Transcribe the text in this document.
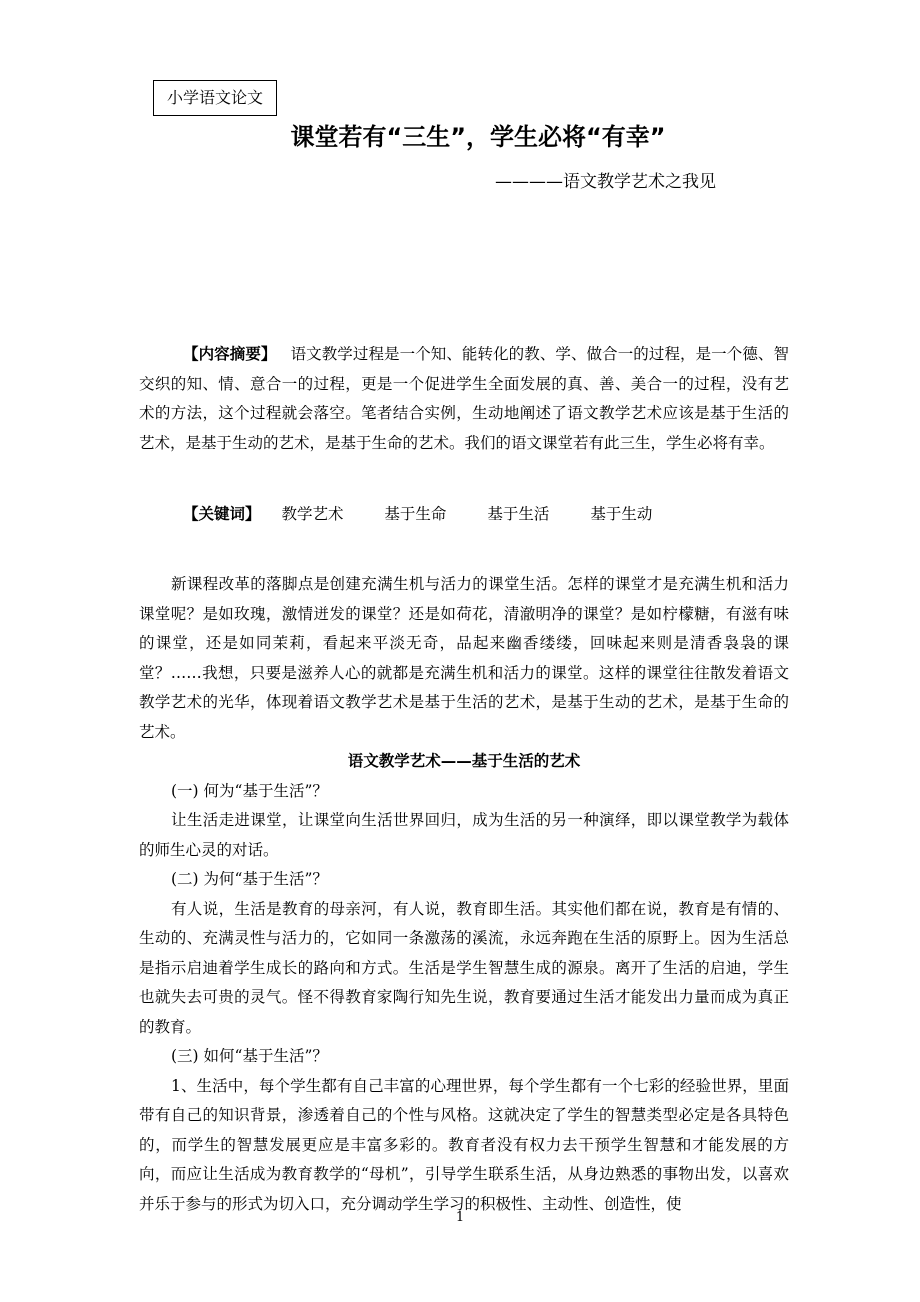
小学语文论文
课堂若有“三生”，学生必将“有幸”
————语文教学艺术之我见

【内容摘要】 语文教学过程是一个知、能转化的教、学、做合一的过程，是一个德、智交织的知、情、意合一的过程，更是一个促进学生全面发展的真、善、美合一的过程，没有艺术的方法，这个过程就会落空。笔者结合实例，生动地阐述了语文教学艺术应该是基于生活的艺术，是基于生动的艺术，是基于生命的艺术。我们的语文课堂若有此三生，学生必将有幸。

【关键词】 教学艺术	基于生命	基于生活	基于生动

新课程改革的落脚点是创建充满生机与活力的课堂生活。怎样的课堂才是充满生机和活力课堂呢？是如玫瑰，激情迸发的课堂？还是如荷花，清澈明净的课堂？是如柠檬糖，有滋有味的课堂，还是如同茉莉，看起来平淡无奇，品起来幽香缕缕，回味起来则是清香袅袅的课堂？……我想，只要是滋养人心的就都是充满生机和活力的课堂。这样的课堂往往散发着语文教学艺术的光华，体现着语文教学艺术是基于生活的艺术，是基于生动的艺术，是基于生命的艺术。

语文教学艺术——基于生活的艺术

(一) 何为“基于生活”？

让生活走进课堂，让课堂向生活世界回归，成为生活的另一种演绎，即以课堂教学为载体的师生心灵的对话。

(二) 为何“基于生活”？

有人说，生活是教育的母亲河，有人说，教育即生活。其实他们都在说，教育是有情的、生动的、充满灵性与活力的，它如同一条激荡的溪流，永远奔跑在生活的原野上。因为生活总是指示启迪着学生成长的路向和方式。生活是学生智慧生成的源泉。离开了生活的启迪，学生也就失去可贵的灵气。怪不得教育家陶行知先生说，教育要通过生活才能发出力量而成为真正的教育。

(三) 如何“基于生活”？

1、生活中，每个学生都有自己丰富的心理世界，每个学生都有一个七彩的经验世界，里面带有自己的知识背景，渗透着自己的个性与风格。这就决定了学生的智慧类型必定是各具特色的，而学生的智慧发展更应是丰富多彩的。教育者没有权力去干预学生智慧和才能发展的方向，而应让生活成为教育教学的“母机”，引导学生联系生活，从身边熟悉的事物出发，以喜欢并乐于参与的形式为切入口，充分调动学生学习的积极性、主动性、创造性，使

1
